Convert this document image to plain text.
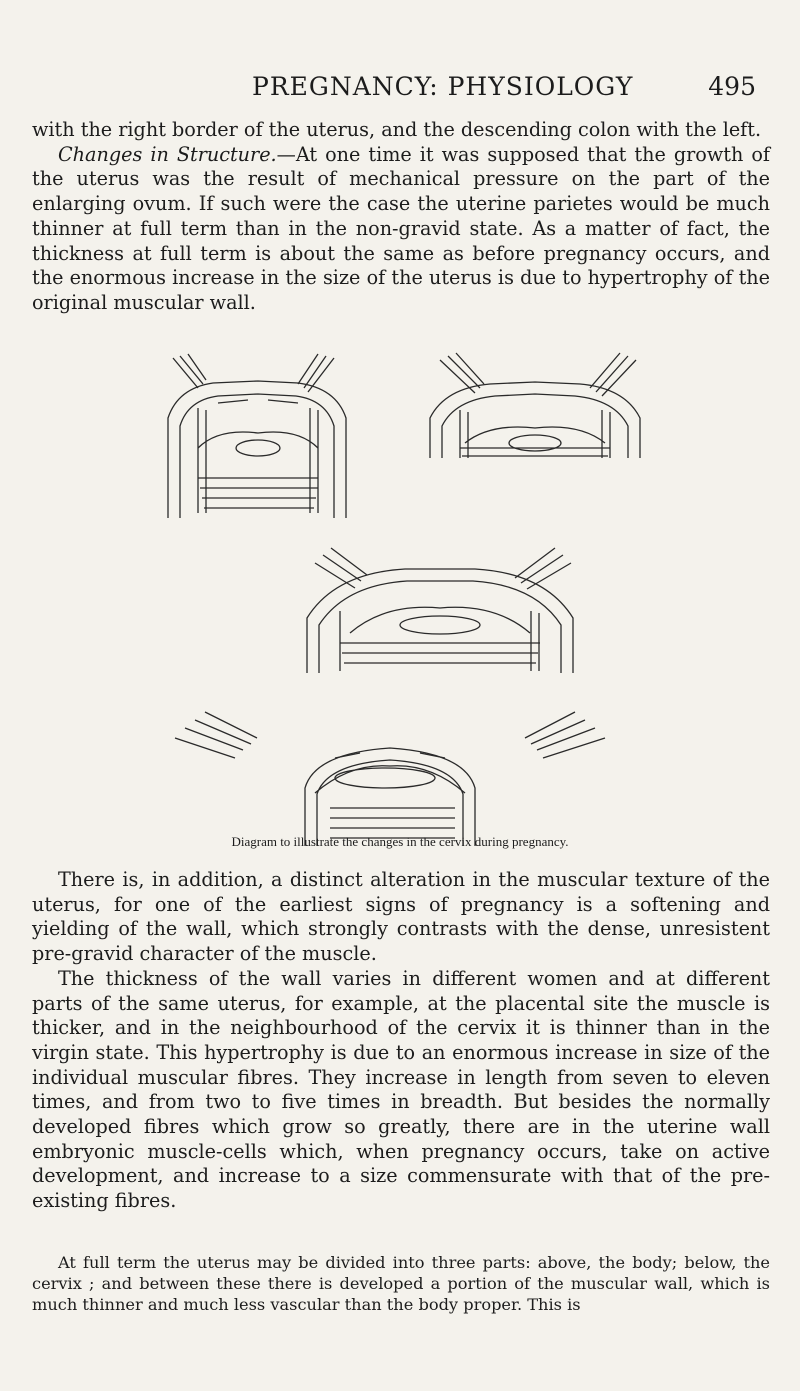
PREGNANCY: PHYSIOLOGY	495

with the right border of the uterus, and the descending colon with the left.

Changes in Structure.—At one time it was supposed that the growth of the uterus was the result of mechanical pressure on the part of the enlarging ovum. If such were the case the uterine parietes would be much thinner at full term than in the non-gravid state. As a matter of fact, the thickness at full term is about the same as before pregnancy occurs, and the enormous increase in the size of the uterus is due to hypertrophy of the original muscular wall.

Diagram to illustrate the changes in the cervix during pregnancy.

There is, in addition, a distinct alteration in the muscular texture of the uterus, for one of the earliest signs of pregnancy is a softening and yielding of the wall, which strongly contrasts with the dense, unresistent pre-gravid character of the muscle.

The thickness of the wall varies in different women and at different parts of the same uterus, for example, at the placental site the muscle is thicker, and in the neighbourhood of the cervix it is thinner than in the virgin state. This hypertrophy is due to an enormous increase in size of the individual muscular fibres. They increase in length from seven to eleven times, and from two to five times in breadth. But besides the normally developed fibres which grow so greatly, there are in the uterine wall embryonic muscle-cells which, when pregnancy occurs, take on active development, and increase to a size commensurate with that of the pre-existing fibres.

At full term the uterus may be divided into three parts: above, the body; below, the cervix ; and between these there is developed a portion of the muscular wall, which is much thinner and much less vascular than the body proper. This is
